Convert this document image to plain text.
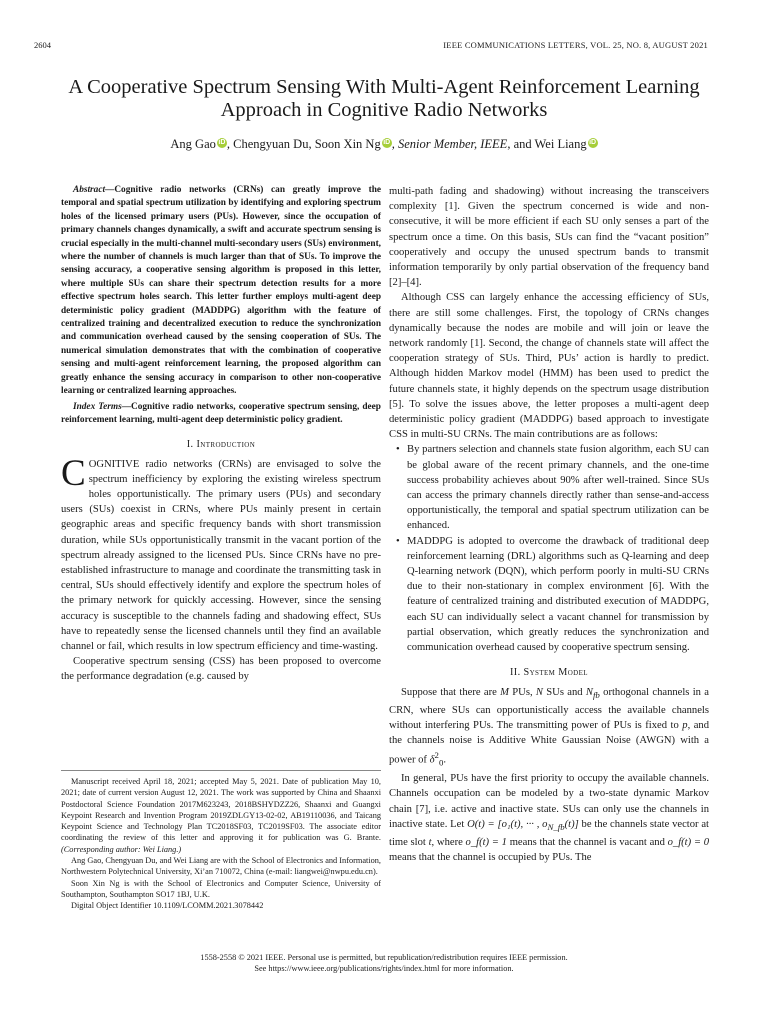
2604	IEEE COMMUNICATIONS LETTERS, VOL. 25, NO. 8, AUGUST 2021
A Cooperative Spectrum Sensing With Multi-Agent Reinforcement Learning
Approach in Cognitive Radio Networks
Ang Gao iD , Chengyuan Du, Soon Xin Ng iD , Senior Member, IEEE, and Wei Liang iD

Abstract—Cognitive radio networks (CRNs) can greatly improve the temporal and spatial spectrum utilization by identifying and exploring spectrum holes of the licensed primary users (PUs). However, since the occupation of primary channels changes dynamically, a swift and accurate spectrum sensing is crucial especially in the multi-channel multi-secondary users (SUs) environment, where the number of channels is much larger than that of SUs. To improve the sensing accuracy, a cooperative sensing algorithm is proposed in this letter, where multiple SUs can share their spectrum detection results for a more effective spectrum holes search. This letter further employs multi-agent deep deterministic policy gradient (MADDPG) algorithm with the feature of centralized training and decentralized execution to reduce the synchronization and communication overhead caused by the sensing cooperation of SUs. The numerical simulation demonstrates that with the combination of cooperative sensing and multi-agent reinforcement learning, the proposed algorithm can greatly enhance the sensing accuracy in comparison to other non-cooperative learning or centralized learning approaches.

Index Terms—Cognitive radio networks, cooperative spectrum sensing, deep reinforcement learning, multi-agent deep deterministic policy gradient.

I. Introduction

COGNITIVE radio networks (CRNs) are envisaged to solve the spectrum inefficiency by exploring the existing wireless spectrum holes opportunistically. The primary users (PUs) and secondary users (SUs) coexist in CRNs, where PUs mainly present in certain geographic areas and specific frequency bands with short transmission duration, while SUs opportunistically transmit in the vacant portion of the spectrum already assigned to the licensed PUs. Since CRNs have no pre-established infrastructure to manage and coordinate the transmitting task in central, SUs should effectively identify and explore the spectrum holes of the primary network for quickly accessing. However, since the sensing accuracy is susceptible to the channels fading and shadowing effect, SUs have to repeatedly sense the licensed channels until they find an available channel or fail, which results in low spectrum efficiency and time-wasting.

Cooperative spectrum sensing (CSS) has been proposed to overcome the performance degradation (e.g. caused by

Manuscript received April 18, 2021; accepted May 5, 2021. Date of publication May 10, 2021; date of current version August 12, 2021. The work was supported by China and Shaanxi Postdoctoral Science Foundation 2017M623243, 2018BSHYDZZ26, Shaanxi and Guangxi Keypoint Research and Invention Program 2019ZDLGY13-02-02, AB19110036, and Taicang Keypoint Science and Technology Plan TC2018SF03, TC2019SF03. The associate editor coordinating the review of this letter and approving it for publication was G. Brante. (Corresponding author: Wei Liang.)

Ang Gao, Chengyuan Du, and Wei Liang are with the School of Electronics and Information, Northwestern Polytechnical University, Xi’an 710072, China (e-mail: liangwei@nwpu.edu.cn).

Soon Xin Ng is with the School of Electronics and Computer Science, University of Southampton, Southampton SO17 1BJ, U.K.

Digital Object Identifier 10.1109/LCOMM.2021.3078442

multi-path fading and shadowing) without increasing the transceivers complexity [1]. Given the spectrum concerned is wide and non-consecutive, it will be more efficient if each SU only senses a part of the spectrum once a time. On this basis, SUs can find the “vacant position” cooperatively and occupy the unused spectrum bands to transmit information temporarily by only partial observation of the frequency band [2]–[4].

Although CSS can largely enhance the accessing efficiency of SUs, there are still some challenges. First, the topology of CRNs changes dynamically because the nodes are mobile and will join or leave the network randomly [1]. Second, the change of channels state will affect the cooperation strategy of SUs. Third, PUs’ action is hardly to predict. Although hidden Markov model (HMM) has been used to predict the future channels state, it highly depends on the spectrum usage distribution [5]. To solve the issues above, the letter proposes a multi-agent deep deterministic policy gradient (MADDPG) based approach to investigate CSS in multi-SU CRNs. The main contributions are as follows:

• By partners selection and channels state fusion algorithm, each SU can be global aware of the recent primary channels, and the one-time success probability achieves about 90% after well-trained. Since SUs can access the primary channels directly rather than sense-and-access opportunistically, the temporal and spatial spectrum utilization can be enhanced.
• MADDPG is adopted to overcome the drawback of traditional deep reinforcement learning (DRL) algorithms such as Q-learning and deep Q-learning network (DQN), which perform poorly in multi-SU CRNs due to their non-stationary in complex environment [6]. With the feature of centralized training and distributed execution of MADDPG, each SU can individually select a vacant channel for transmission by partial observation, which greatly reduces the synchronization and communication overhead caused by cooperative spectrum sensing.
II. System Model

Suppose that there are M PUs, N SUs and $N_{fb}$ orthogonal channels in a CRN, where SUs can opportunistically access the available channels without interfering PUs. The transmitting power of PUs is fixed to p, and the channels noise is Additive White Gaussian Noise (AWGN) with a power of $\delta^2_0$.

In general, PUs have the first priority to occupy the available channels. Channels occupation can be modeled by a two-state dynamic Markov chain [7], i.e. active and inactive state. SUs can only use the channels in inactive state. Let O(t) = [o₁(t), ··· , $o_{N\_fb}(t)$] be the channels state vector at time slot t, where o_f(t) = 1 means that the channel is vacant and o_f(t) = 0 means that the channel is occupied by PUs. The

1558-2558 © 2021 IEEE. Personal use is permitted, but republication/redistribution requires IEEE permission.
See https://www.ieee.org/publications/rights/index.html for more information.
